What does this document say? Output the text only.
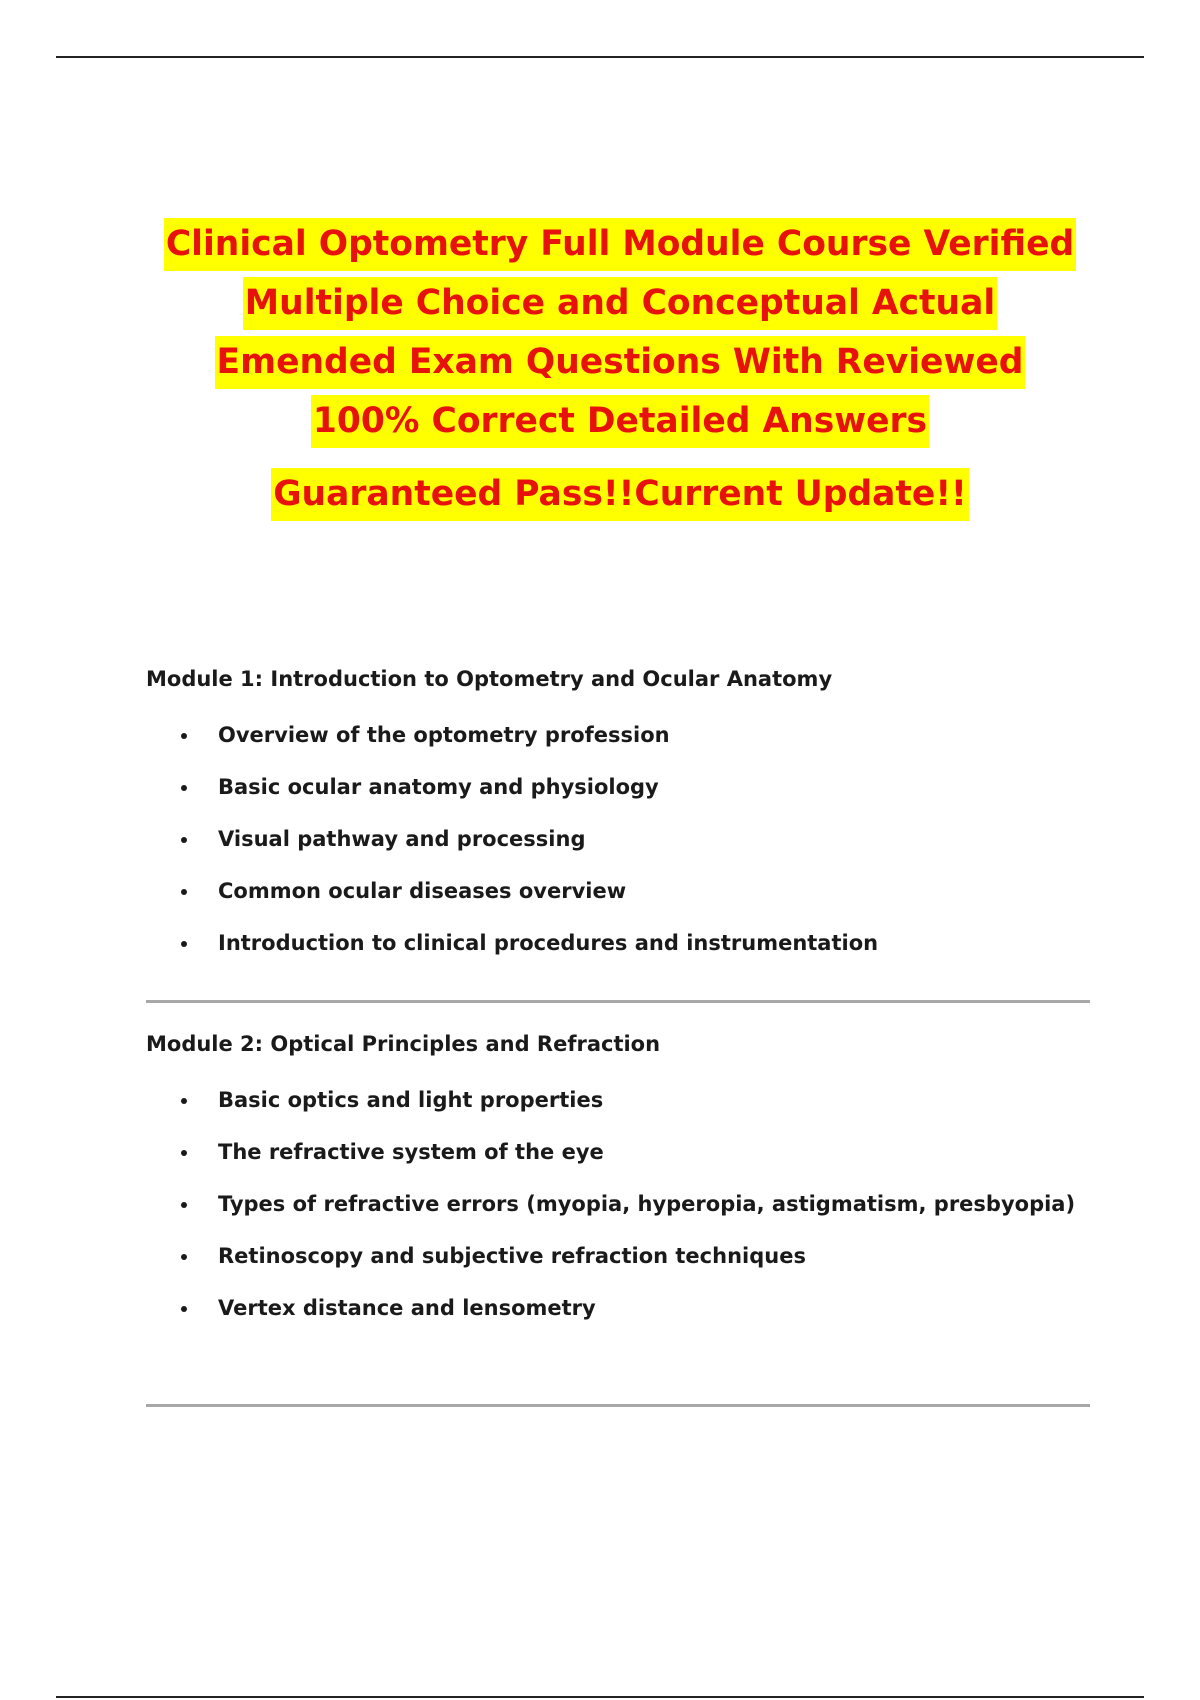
Clinical Optometry Full Module Course Verified
Multiple Choice and Conceptual Actual
Emended Exam Questions With Reviewed
100% Correct Detailed Answers
Guaranteed Pass!!Current Update!!
Module 1: Introduction to Optometry and Ocular Anatomy
Overview of the optometry profession
Basic ocular anatomy and physiology
Visual pathway and processing
Common ocular diseases overview
Introduction to clinical procedures and instrumentation
Module 2: Optical Principles and Refraction
Basic optics and light properties
The refractive system of the eye
Types of refractive errors (myopia, hyperopia, astigmatism, presbyopia)
Retinoscopy and subjective refraction techniques
Vertex distance and lensometry
